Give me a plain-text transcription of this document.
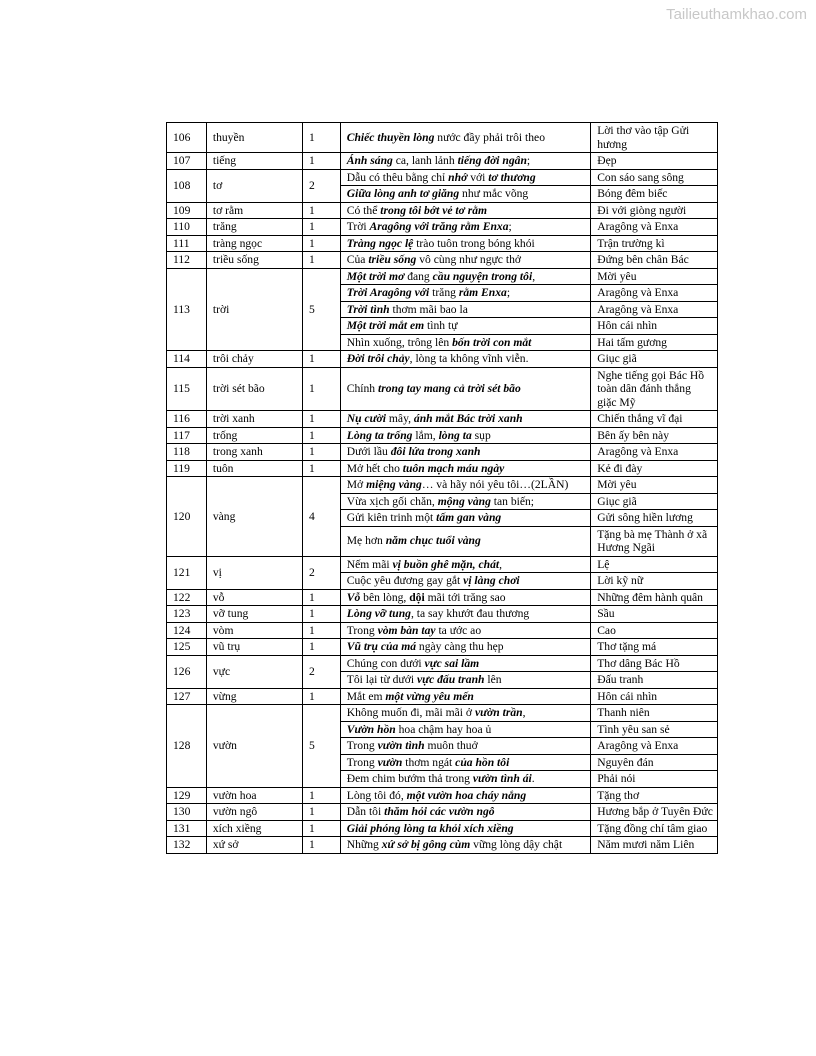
Tailieuthamkhao.com
106	thuyền	1	Chiếc thuyền lòng nước đầy phải trôi theo	Lời thơ vào tập Gửi hương
107	tiếng	1	Ánh sáng ca, lanh lảnh tiếng đời ngân;	Đẹp
108	tơ	2	Dẫu có thêu bằng chỉ nhớ với tơ thương	Con sáo sang sông
			Giữa lòng anh tơ giăng như mắc võng	Bóng đêm biếc
109	tơ rằm	1	Có thể trong tôi bớt vẻ tơ rằm	Đi với giòng người
110	trăng	1	Trời Aragông với trăng rằm Enxa;	Aragông và Enxa
111	tràng ngọc	1	Tràng ngọc lệ trào tuôn trong bóng khói	Trận trường kì
112	triều sống	1	Của triều sống vô cùng như ngực thở	Đứng bên chân Bác
113	trời	5	Một trời mơ đang cầu nguyện trong tôi,	Mời yêu
			Trời Aragông với trăng rằm Enxa;	Aragông và Enxa
			Trời tình thơm mãi bao la	Aragông và Enxa
			Một trời mắt em tình tự	Hôn cái nhìn
			Nhìn xuống, trông lên bốn trời con mắt	Hai tấm gương
114	trôi chảy	1	Đời trôi chảy, lòng ta không vĩnh viễn.	Giục giã
115	trời sét bão	1	Chính trong tay mang cả trời sét bão	Nghe tiếng gọi Bác Hồ toàn dân đánh thắng giặc Mỹ
116	trời xanh	1	Nụ cười mây, ánh mắt Bác trời xanh	Chiến thắng vĩ đại
117	trống	1	Lòng ta trống lắm, lòng ta sụp	Bên ấy bên này
118	trong xanh	1	Dưới lầu đôi lứa trong xanh	Aragông và Enxa
119	tuôn	1	Mở hết cho tuôn mạch máu ngày	Kẻ đi đày
120	vàng	4	Mở miệng vàng… và hãy nói yêu tôi…(2LẦN)	Mời yêu
			Vừa xịch gối chăn, mộng vàng tan biến;	Giục giã
			Gửi kiên trinh một tấm gan vàng	Gửi sông hiền lương
			Mẹ hơn năm chục tuổi vàng	Tặng bà mẹ Thành ở xã Hương Ngãi
121	vị	2	Nếm mãi vị buồn ghê mặn, chát,	Lệ
			Cuộc yêu đương gay gắt vị làng chơi	Lời kỹ nữ
122	vỗ	1	Vỗ bên lòng, dội mãi tới trăng sao	Những đêm hành quân
123	vỡ tung	1	Lòng vỡ tung, ta say khướt đau thương	Sầu
124	vòm	1	Trong vòm bàn tay ta ước ao	Cao
125	vũ trụ	1	Vũ trụ của má ngày càng thu hẹp	Thơ tặng má
126	vực	2	Chúng con dưới vực sai lầm	Thơ dâng Bác Hồ
			Tôi lại từ dưới vực đấu tranh lên	Đấu tranh
127	vừng	1	Mắt em một vừng yêu mến	Hôn cái nhìn
128	vườn	5	Không muốn đi, mãi mãi ở vườn trần,	Thanh niên
			Vườn hồn hoa chậm hay hoa ủ	Tình yêu san sẻ
			Trong vườn tình muôn thuở	Aragông và Enxa
			Trong vườn thơm ngát của hồn tôi	Nguyên đán
			Đem chim bướm thả trong vườn tình ái.	Phải nói
129	vườn hoa	1	Lòng tôi đó, một vườn hoa cháy nắng	Tặng thơ
130	vườn ngô	1	Dẫn tôi thăm hỏi các vườn ngô	Hương bắp ở Tuyên Đức
131	xích xiềng	1	Giải phóng lòng ta khỏi xích xiềng	Tặng đồng chí tâm giao
132	xứ sở	1	Những xứ sở bị gông cùm vững lòng dậy chật	Năm mươi năm Liên
